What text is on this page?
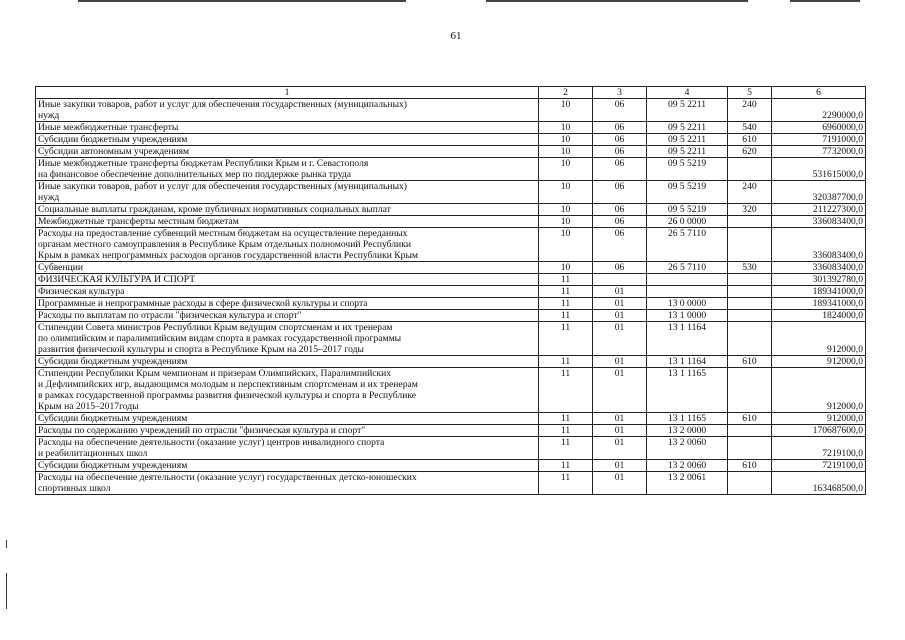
61
1	2	3	4	5	6

Иные закупки товаров, работ и услуг для обеспечения государственных (муниципальных)
нужд	10	06	09 5 2211	240	2290000,0

Иные межбюджетные трансферты	10	06	09 5 2211	540	6960000,0

Субсидии бюджетным учреждениям	10	06	09 5 2211	610	7191000,0

Субсидии автономным учреждениям	10	06	09 5 2211	620	7732000,0

Иные межбюджетные трансферты бюджетам Республики Крым и г. Севастополя
на финансовое обеспечение дополнительных мер по поддержке рынка труда	10	06	09 5 5219		531615000,0

Иные закупки товаров, работ и услуг для обеспечения государственных (муниципальных)
нужд	10	06	09 5 5219	240	320387700,0

Социальные выплаты гражданам, кроме публичных нормативных социальных выплат	10	06	09 5 5219	320	211227300,0

Межбюджетные трансферты местным бюджетам	10	06	26 0 0000		336083400,0

Расходы на предоставление субвенций местным бюджетам на осуществление переданных
органам местного самоуправления в Республике Крым отдельных полномочий Республики
Крым в рамках непрограммных расходов органов государственной власти Республики Крым	10	06	26 5 7110		336083400,0

Субвенции	10	06	26 5 7110	530	336083400,0

ФИЗИЧЕСКАЯ КУЛЬТУРА И СПОРТ	11				301392780,0

Физическая культура	11	01			189341000,0

Программные и непрограммные расходы в сфере физической культуры и спорта	11	01	13 0 0000		189341000,0

Расходы по выплатам по отрасли "физическая культура и спорт"	11	01	13 1 0000		1824000,0

Стипендии Совета министров Республики Крым ведущим спортсменам и их тренерам
по олимпийским и паралимпийским видам спорта в рамках государственной программы
развития физической культуры и спорта в Республике Крым на 2015–2017 годы	11	01	13 1 1164		912000,0

Субсидии бюджетным учреждениям	11	01	13 1 1164	610	912000,0

Стипендии Республики Крым чемпионам и призерам Олимпийских, Паралимпийских
и Дефлимпийских игр, выдающимся молодым и перспективным спортсменам и их тренерам
в рамках государственной программы развития физической культуры и спорта в Республике
Крым на 2015–2017годы	11	01	13 1 1165		912000,0

Субсидии бюджетным учреждениям	11	01	13 1 1165	610	912000,0

Расходы по содержанию учреждений по отрасли "физическая культура и спорт"	11	01	13 2 0000		170687600,0

Расходы на обеспечение деятельности (оказание услуг) центров инвалидного спорта
и реабилитационных школ	11	01	13 2 0060		7219100,0

Субсидии бюджетным учреждениям	11	01	13 2 0060	610	7219100,0

Расходы на обеспечение деятельности (оказание услуг) государственных детско-юношеских
спортивных школ	11	01	13 2 0061		163468500,0
